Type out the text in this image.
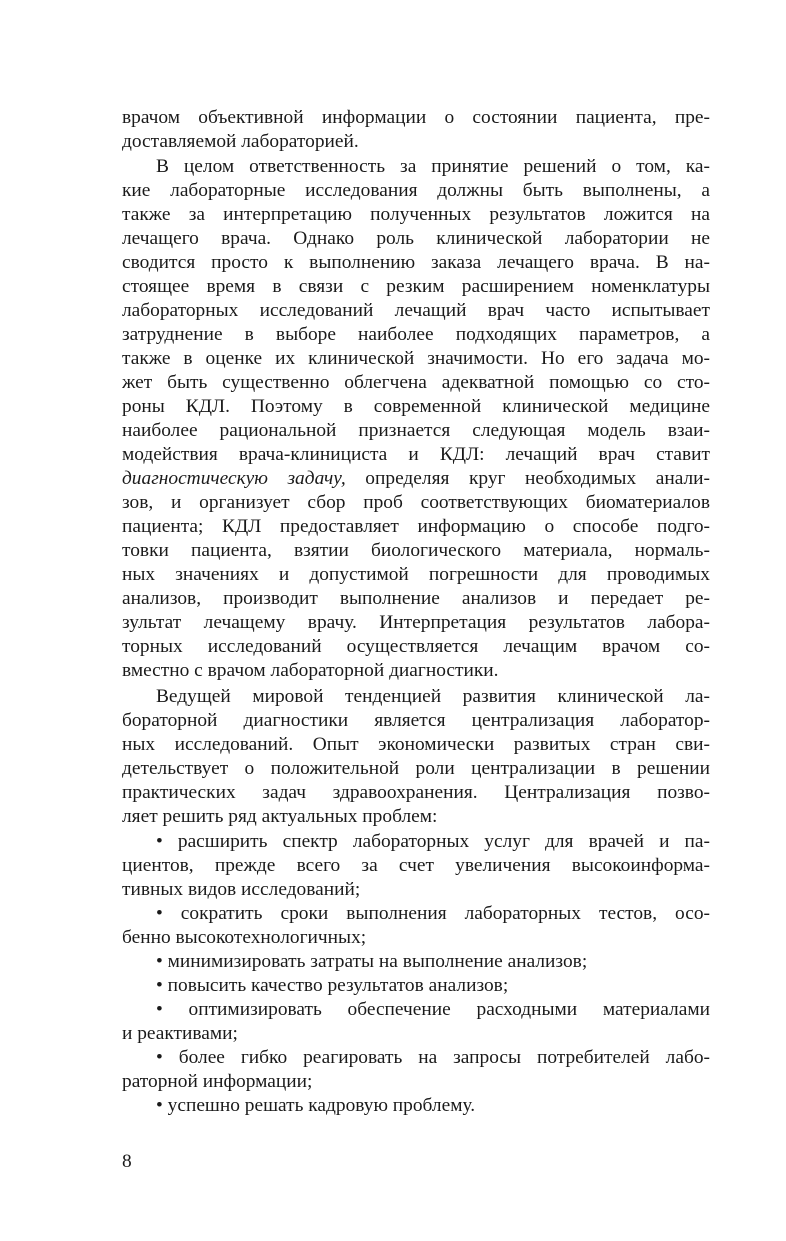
врачом объективной информации о состоянии пациента, пре-
доставляемой лабораторией.
В целом ответственность за принятие решений о том, ка-
кие лабораторные исследования должны быть выполнены, а
также за интерпретацию полученных результатов ложится на
лечащего врача. Однако роль клинической лаборатории не
сводится просто к выполнению заказа лечащего врача. В на-
стоящее время в связи с резким расширением номенклатуры
лабораторных исследований лечащий врач часто испытывает
затруднение в выборе наиболее подходящих параметров, а
также в оценке их клинической значимости. Но его задача мо-
жет быть существенно облегчена адекватной помощью со сто-
роны КДЛ. Поэтому в современной клинической медицине
наиболее рациональной признается следующая модель взаи-
модействия врача-клинициста и КДЛ: лечащий врач ставит
диагностическую задачу, определяя круг необходимых анали-
зов, и организует сбор проб соответствующих биоматериалов
пациента; КДЛ предоставляет информацию о способе подго-
товки пациента, взятии биологического материала, нормаль-
ных значениях и допустимой погрешности для проводимых
анализов, производит выполнение анализов и передает ре-
зультат лечащему врачу. Интерпретация результатов лабора-
торных исследований осуществляется лечащим врачом со-
вместно с врачом лабораторной диагностики.
Ведущей мировой тенденцией развития клинической ла-
бораторной диагностики является централизация лаборатор-
ных исследований. Опыт экономически развитых стран сви-
детельствует о положительной роли централизации в решении
практических задач здравоохранения. Централизация позво-
ляет решить ряд актуальных проблем:
• расширить спектр лабораторных услуг для врачей и па-
циентов, прежде всего за счет увеличения высокоинформа-
тивных видов исследований;
• сократить сроки выполнения лабораторных тестов, осо-
бенно высокотехнологичных;
• минимизировать затраты на выполнение анализов;
• повысить качество результатов анализов;
• оптимизировать обеспечение расходными материалами
и реактивами;
• более гибко реагировать на запросы потребителей лабо-
раторной информации;
• успешно решать кадровую проблему.
8
